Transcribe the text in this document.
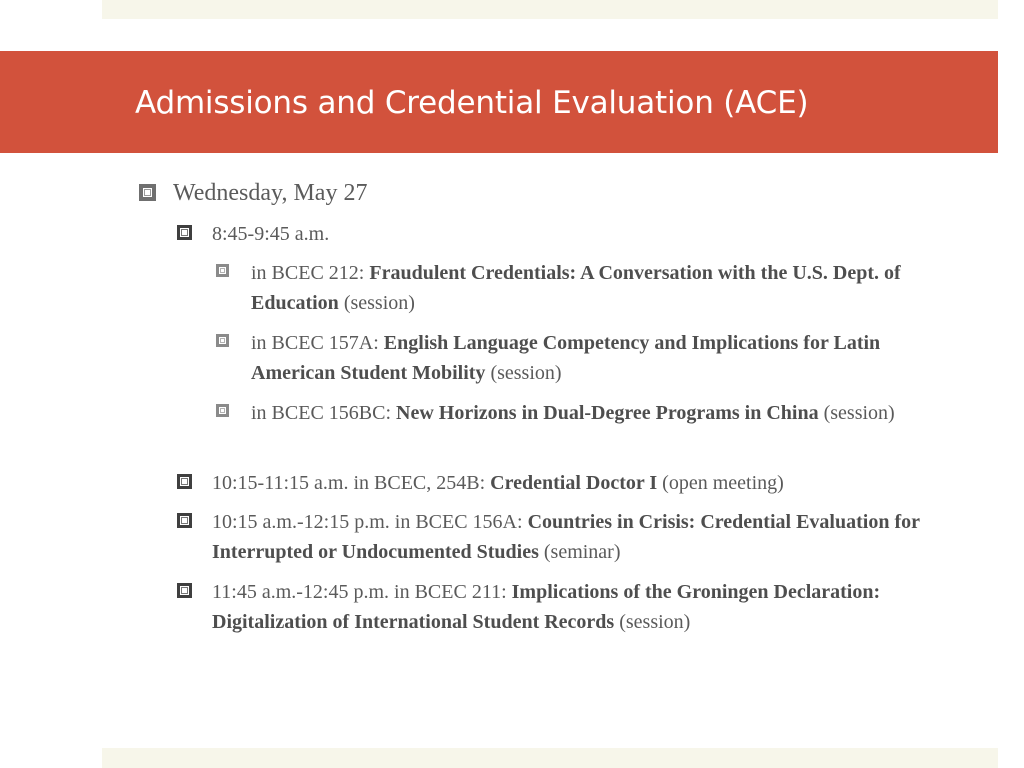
Admissions and Credential Evaluation (ACE)

Wednesday, May 27

8:45-9:45 a.m.

in BCEC 212: Fraudulent Credentials: A Conversation with the U.S. Dept. of Education (session)

in BCEC 157A: English Language Competency and Implications for Latin American Student Mobility (session)

in BCEC 156BC: New Horizons in Dual-Degree Programs in China (session)

10:15-11:15 a.m. in BCEC, 254B: Credential Doctor I (open meeting)

10:15 a.m.-12:15 p.m. in BCEC 156A: Countries in Crisis: Credential Evaluation for Interrupted or Undocumented Studies (seminar)

11:45 a.m.-12:45 p.m. in BCEC 211: Implications of the Groningen Declaration: Digitalization of International Student Records (session)
